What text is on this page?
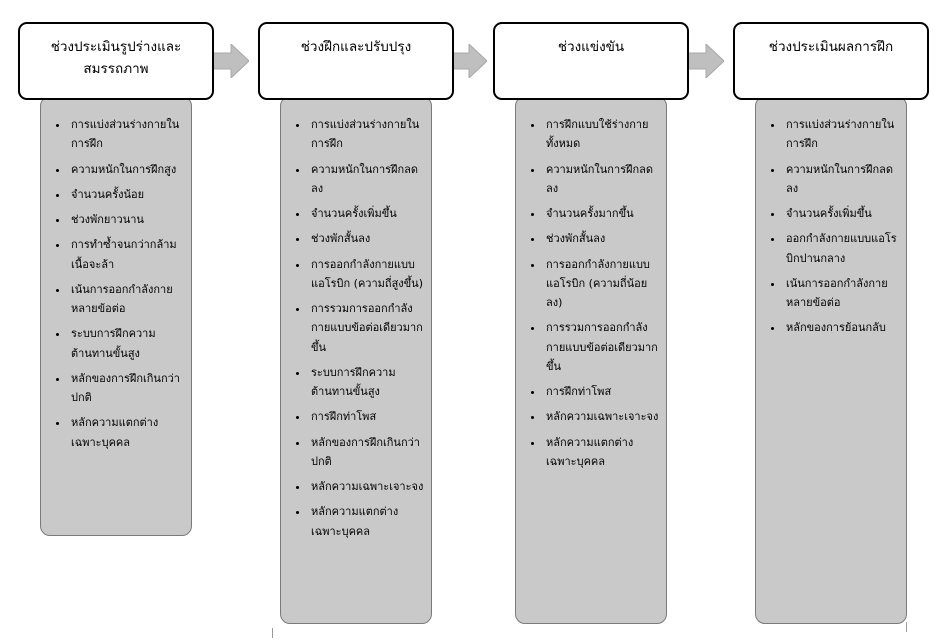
ช่วงประเมินรูปร่างและสมรรถภาพ
• การแบ่งส่วนร่างกายในการฝึก
• ความหนักในการฝึกสูง
• จำนวนครั้งน้อย
• ช่วงพักยาวนาน
• การทำซ้ำจนกว่ากล้ามเนื้อจะล้า
• เน้นการออกกำลังกายหลายข้อต่อ
• ระบบการฝึกความต้านทานขั้นสูง
• หลักของการฝึกเกินกว่าปกติ
• หลักความแตกต่างเฉพาะบุคคล
ช่วงฝึกและปรับปรุง
• การแบ่งส่วนร่างกายในการฝึก
• ความหนักในการฝึกลดลง
• จำนวนครั้งเพิ่มขึ้น
• ช่วงพักสั้นลง
• การออกกำลังกายแบบแอโรบิก (ความถี่สูงขึ้น)
• การรวมการออกกำลังกายแบบข้อต่อเดียวมากขึ้น
• ระบบการฝึกความต้านทานขั้นสูง
• การฝึกท่าโพส
• หลักของการฝึกเกินกว่าปกติ
• หลักความเฉพาะเจาะจง
• หลักความแตกต่างเฉพาะบุคคล
ช่วงแข่งขัน
• การฝึกแบบใช้ร่างกายทั้งหมด
• ความหนักในการฝึกลดลง
• จำนวนครั้งมากขึ้น
• ช่วงพักสั้นลง
• การออกกำลังกายแบบแอโรบิก (ความถี่น้อยลง)
• การรวมการออกกำลังกายแบบข้อต่อเดียวมากขึ้น
• การฝึกท่าโพส
• หลักความเฉพาะเจาะจง
• หลักความแตกต่างเฉพาะบุคคล
ช่วงประเมินผลการฝึก
• การแบ่งส่วนร่างกายในการฝึก
• ความหนักในการฝึกลดลง
• จำนวนครั้งเพิ่มขึ้น
• ออกกำลังกายแบบแอโรบิกปานกลาง
• เน้นการออกกำลังกายหลายข้อต่อ
• หลักของการย้อนกลับ
